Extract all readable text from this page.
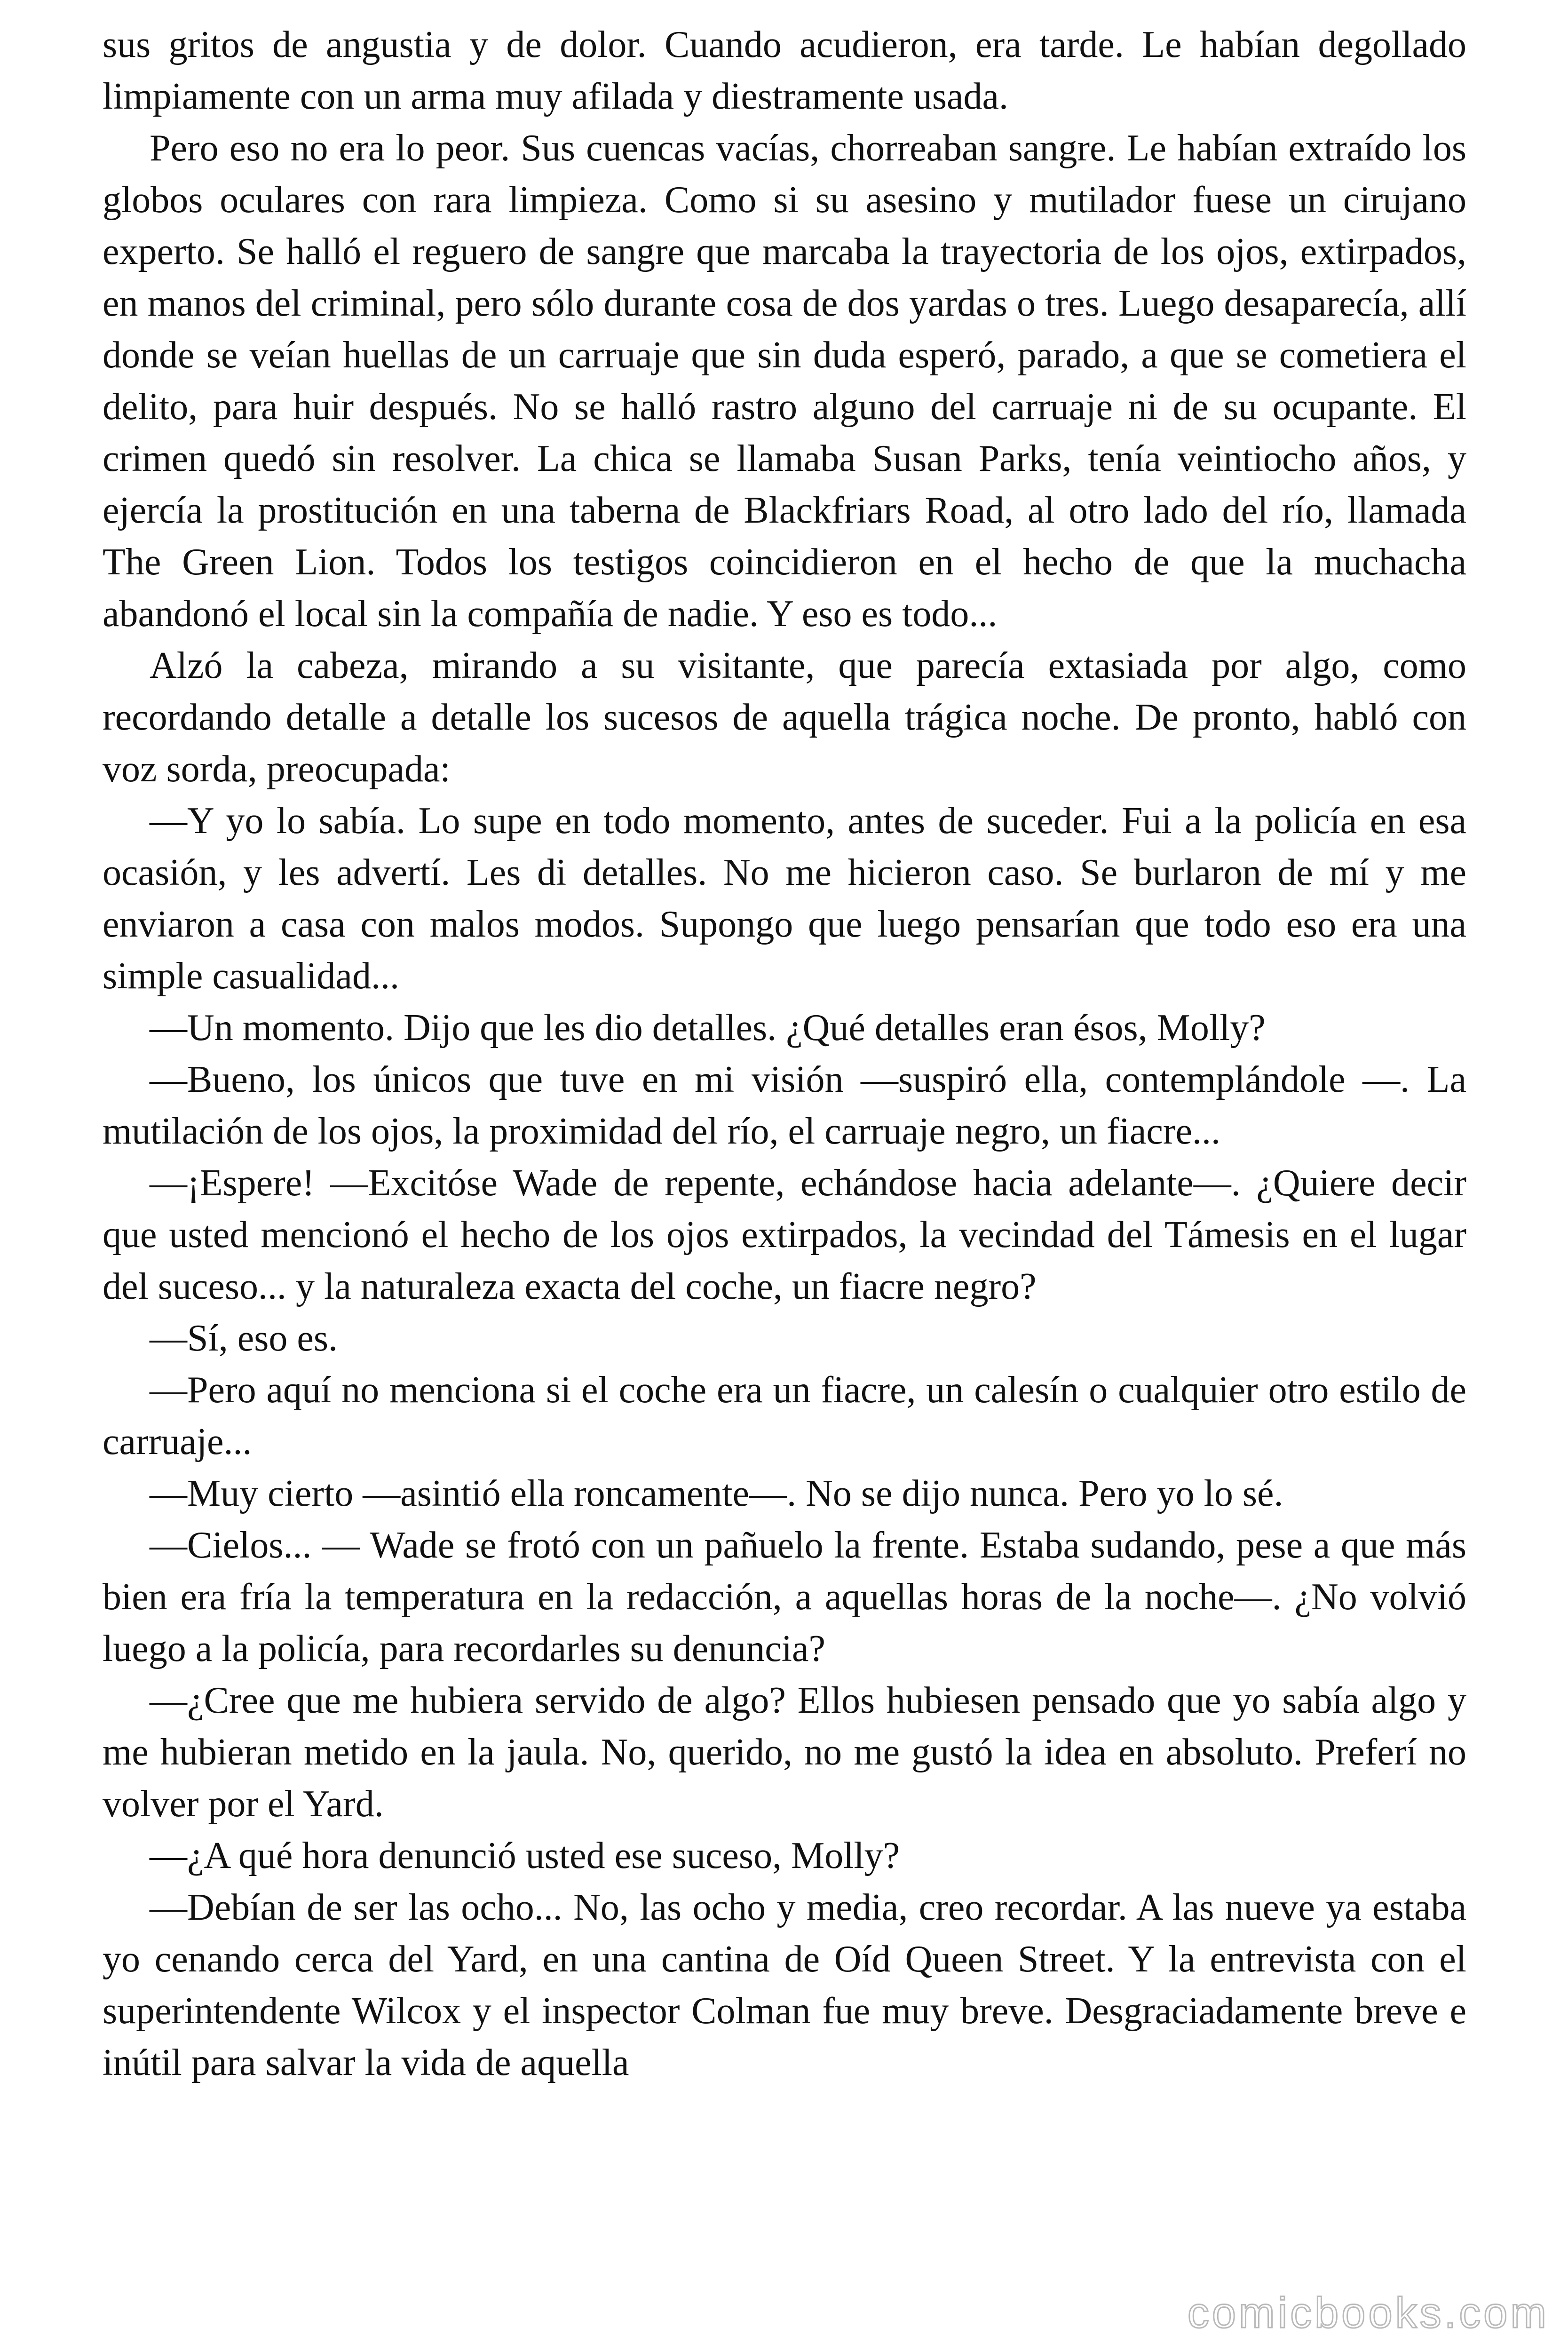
sus gritos de angustia y de dolor. Cuando acudieron, era tarde. Le habían degollado limpiamente con un arma muy afilada y diestramente usada.

Pero eso no era lo peor. Sus cuencas vacías, chorreaban sangre. Le habían extraído los globos oculares con rara limpieza. Como si su asesino y mutilador fuese un cirujano experto. Se halló el reguero de sangre que marcaba la trayectoria de los ojos, extirpados, en manos del criminal, pero sólo durante cosa de dos yardas o tres. Luego desaparecía, allí donde se veían huellas de un carruaje que sin duda esperó, parado, a que se cometiera el delito, para huir después. No se halló rastro alguno del carruaje ni de su ocupante. El crimen quedó sin resolver. La chica se llamaba Susan Parks, tenía veintiocho años, y ejercía la prostitución en una taberna de Blackfriars Road, al otro lado del río, llamada The Green Lion. Todos los testigos coincidieron en el hecho de que la muchacha abandonó el local sin la compañía de nadie. Y eso es todo...

Alzó la cabeza, mirando a su visitante, que parecía extasiada por algo, como recordando detalle a detalle los sucesos de aquella trágica noche. De pronto, habló con voz sorda, preocupada:

—Y yo lo sabía. Lo supe en todo momento, antes de suceder. Fui a la policía en esa ocasión, y les advertí. Les di detalles. No me hicieron caso. Se burlaron de mí y me enviaron a casa con malos modos. Supongo que luego pensarían que todo eso era una simple casualidad...

—Un momento. Dijo que les dio detalles. ¿Qué detalles eran ésos, Molly?

—Bueno, los únicos que tuve en mi visión —suspiró ella, contemplándole —. La mutilación de los ojos, la proximidad del río, el carruaje negro, un fiacre...

—¡Espere! —Excitóse Wade de repente, echándose hacia adelante—. ¿Quiere decir que usted mencionó el hecho de los ojos extirpados, la vecindad del Támesis en el lugar del suceso... y la naturaleza exacta del coche, un fiacre negro?

—Sí, eso es.

—Pero aquí no menciona si el coche era un fiacre, un calesín o cualquier otro estilo de carruaje...

—Muy cierto —asintió ella roncamente—. No se dijo nunca. Pero yo lo sé.

—Cielos... — Wade se frotó con un pañuelo la frente. Estaba sudando, pese a que más bien era fría la temperatura en la redacción, a aquellas horas de la noche—. ¿No volvió luego a la policía, para recordarles su denuncia?

—¿Cree que me hubiera servido de algo? Ellos hubiesen pensado que yo sabía algo y me hubieran metido en la jaula. No, querido, no me gustó la idea en absoluto. Preferí no volver por el Yard.

—¿A qué hora denunció usted ese suceso, Molly?

—Debían de ser las ocho... No, las ocho y media, creo recordar. A las nueve ya estaba yo cenando cerca del Yard, en una cantina de Oíd Queen Street. Y la entrevista con el superintendente Wilcox y el inspector Colman fue muy breve. Desgraciadamente breve e inútil para salvar la vida de aquella

comicbooks.com
